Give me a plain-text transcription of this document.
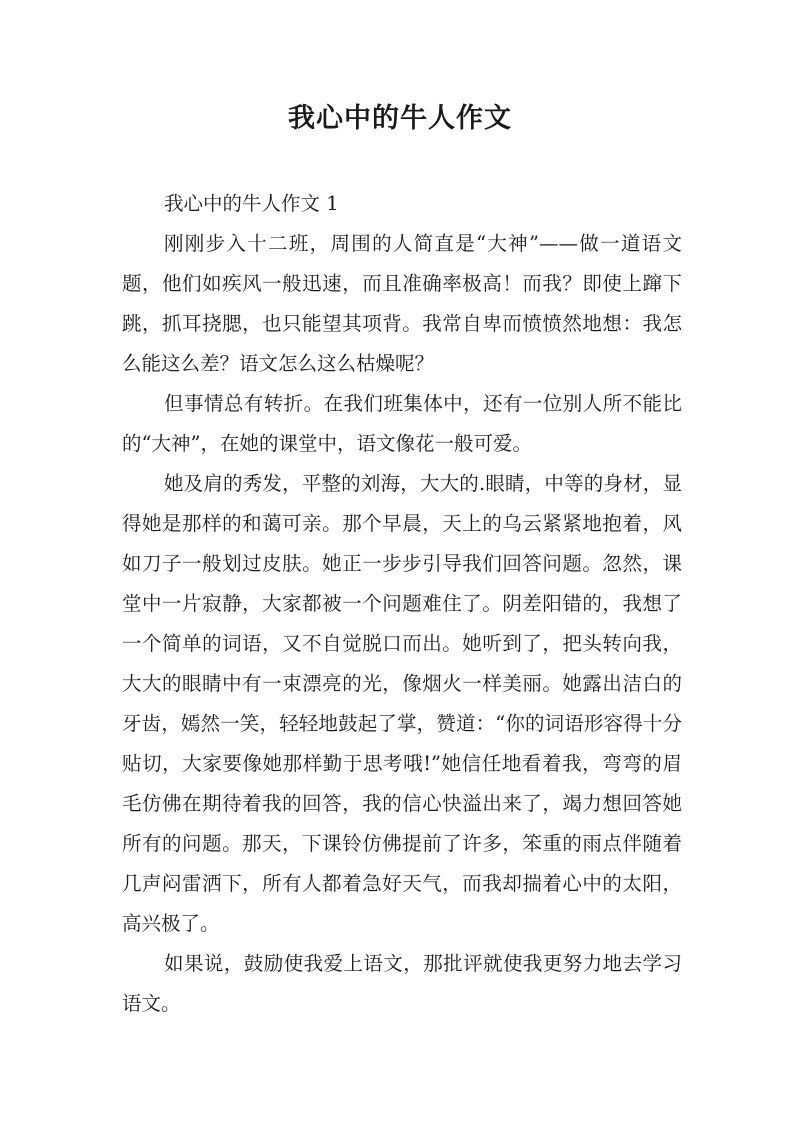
我心中的牛人作文

我心中的牛人作文 1

刚刚步入十二班，周围的人简直是“大神”——做一道语文题，他们如疾风一般迅速，而且准确率极高！而我？即使上蹿下跳，抓耳挠腮，也只能望其项背。我常自卑而愤愤然地想：我怎么能这么差？语文怎么这么枯燥呢？

但事情总有转折。在我们班集体中，还有一位别人所不能比的“大神”，在她的课堂中，语文像花一般可爱。

她及肩的秀发，平整的刘海，大大的.眼睛，中等的身材，显得她是那样的和蔼可亲。那个早晨，天上的乌云紧紧地抱着，风如刀子一般划过皮肤。她正一步步引导我们回答问题。忽然，课堂中一片寂静，大家都被一个问题难住了。阴差阳错的，我想了一个简单的词语，又不自觉脱口而出。她听到了，把头转向我，大大的眼睛中有一束漂亮的光，像烟火一样美丽。她露出洁白的牙齿，嫣然一笑，轻轻地鼓起了掌，赞道：“你的词语形容得十分贴切，大家要像她那样勤于思考哦!”她信任地看着我，弯弯的眉毛仿佛在期待着我的回答，我的信心快溢出来了，竭力想回答她所有的问题。那天，下课铃仿佛提前了许多，笨重的雨点伴随着几声闷雷洒下，所有人都着急好天气，而我却揣着心中的太阳，高兴极了。

如果说，鼓励使我爱上语文，那批评就使我更努力地去学习语文。
